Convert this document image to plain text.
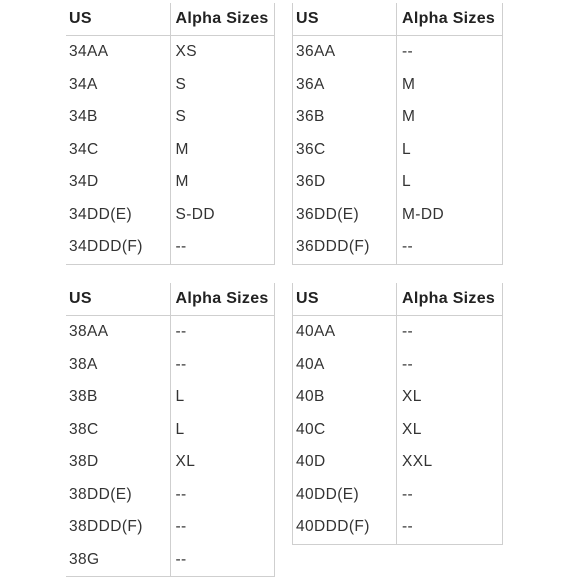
US	Alpha Sizes
34AA	XS
34A	S
34B	S
34C	M
34D	M
34DD(E)	S-DD
34DDD(F)	--
US	Alpha Sizes
36AA	--
36A	M
36B	M
36C	L
36D	L
36DD(E)	M-DD
36DDD(F)	--
US	Alpha Sizes
38AA	--
38A	--
38B	L
38C	L
38D	XL
38DD(E)	--
38DDD(F)	--
38G	--
US	Alpha Sizes
40AA	--
40A	--
40B	XL
40C	XL
40D	XXL
40DD(E)	--
40DDD(F)	--
